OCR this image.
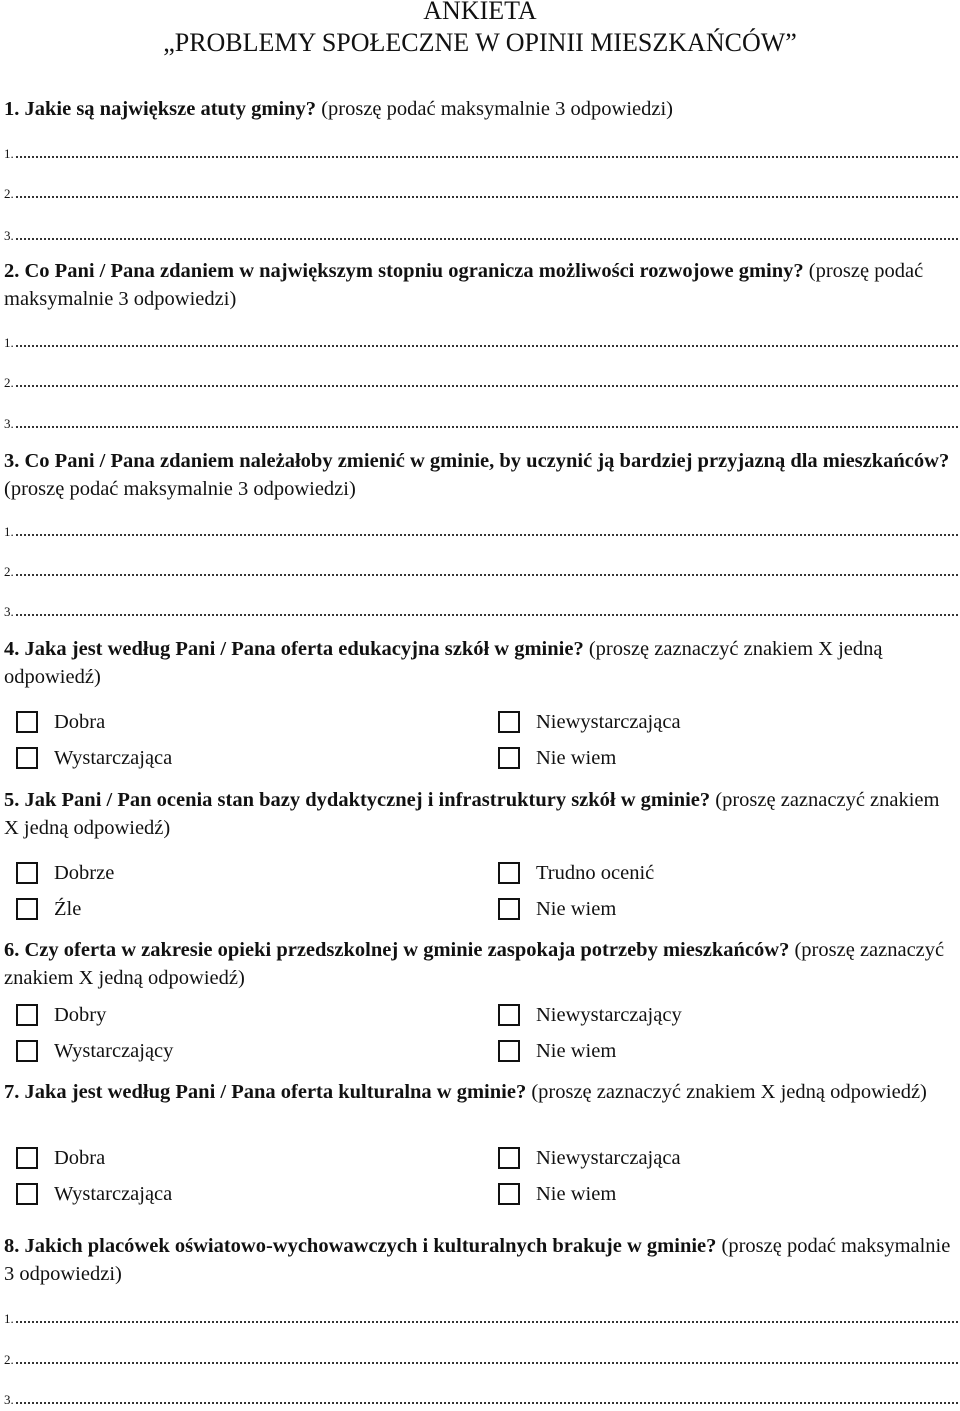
ANKIETA
„PROBLEMY SPOŁECZNE W OPINII MIESZKAŃCÓW”
1. Jakie są największe atuty gminy? (proszę podać maksymalnie 3 odpowiedzi)
1.
2.
3.
2. Co Pani / Pana zdaniem w największym stopniu ogranicza możliwości rozwojowe gminy? (proszę podać maksymalnie 3 odpowiedzi)
1.
2.
3.
3. Co Pani / Pana zdaniem należałoby zmienić w gminie, by uczynić ją bardziej przyjazną dla mieszkańców? (proszę podać maksymalnie 3 odpowiedzi)
1.
2.
3.
4. Jaka jest według Pani / Pana oferta edukacyjna szkół w gminie? (proszę zaznaczyć znakiem X jedną odpowiedź)
Dobra	Niewystarczająca
Wystarczająca	Nie wiem
5. Jak Pani / Pan ocenia stan bazy dydaktycznej i infrastruktury szkół w gminie? (proszę zaznaczyć znakiem X jedną odpowiedź)
Dobrze	Trudno ocenić
Źle	Nie wiem
6. Czy oferta w zakresie opieki przedszkolnej w gminie zaspokaja potrzeby mieszkańców? (proszę zaznaczyć znakiem X jedną odpowiedź)
Dobry	Niewystarczający
Wystarczający	Nie wiem
7. Jaka jest według Pani / Pana oferta kulturalna w gminie? (proszę zaznaczyć znakiem X jedną odpowiedź)
Dobra	Niewystarczająca
Wystarczająca	Nie wiem
8. Jakich placówek oświatowo-wychowawczych i kulturalnych brakuje w gminie? (proszę podać maksymalnie 3 odpowiedzi)
1.
2.
3.
